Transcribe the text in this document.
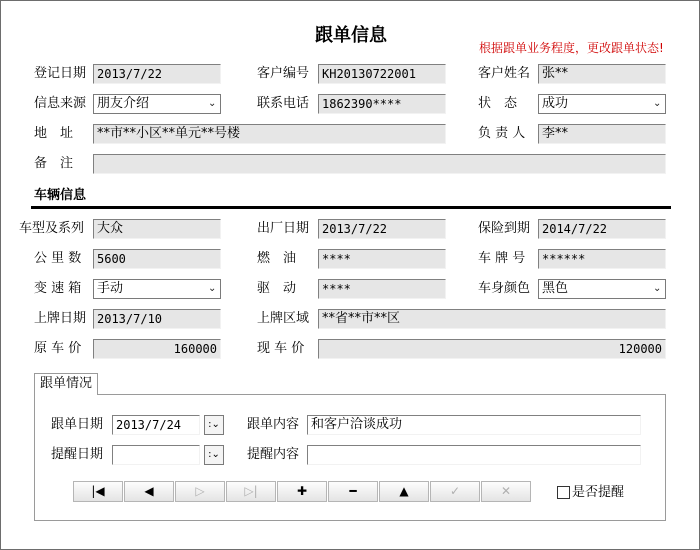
跟单信息
根据跟单业务程度，更改跟单状态!
登记日期 2013/7/22	客户编号	KH20130722001	客户姓名 张**
信息来源 朋友介绍	⌄	联系电话	1862390****	状　态	成功	⌄
地　址	**市**小区**单元**号楼	负 责 人	李**
备　注
车辆信息
车型及系列 大众	出厂日期	2013/7/22	保险到期 2014/7/22
公 里 数	5600	燃　油	****	车 牌 号	******
变 速 箱	手动	⌄	驱　动	****	车身颜色 黑色	⌄
上牌日期 2013/7/10	上牌区域 **省**市**区
原 车 价	160000	现 车 价	120000
跟单情况
跟单日期	2013/7/24	:⌄	跟单内容 和客户洽谈成功
提醒日期	:⌄	提醒内容
|◀	◀	▷	▷|	✚	━	▲	✓	✕	是否提醒
